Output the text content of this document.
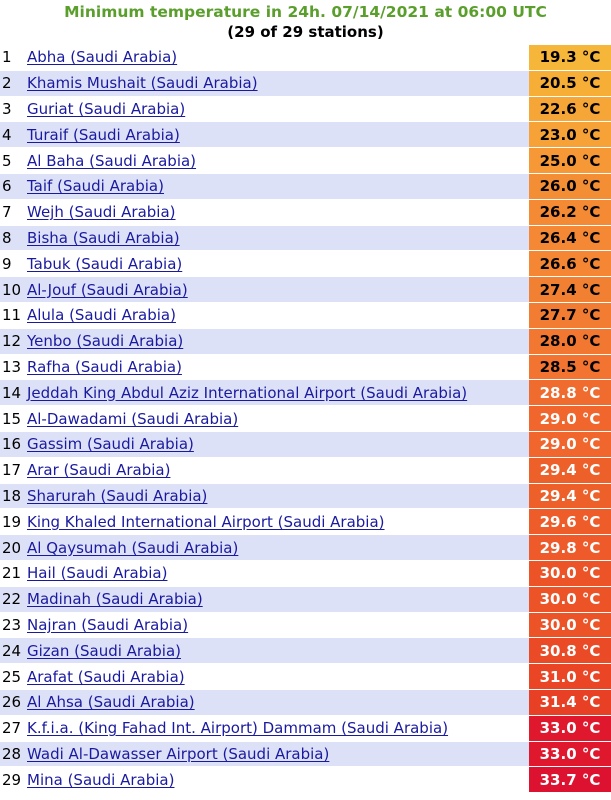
Minimum temperature in 24h. 07/14/2021 at 06:00 UTC
(29 of 29 stations)
1	Abha (Saudi Arabia)	19.3 °C
2	Khamis Mushait (Saudi Arabia)	20.5 °C
3	Guriat (Saudi Arabia)	22.6 °C
4	Turaif (Saudi Arabia)	23.0 °C
5	Al Baha (Saudi Arabia)	25.0 °C
6	Taif (Saudi Arabia)	26.0 °C
7	Wejh (Saudi Arabia)	26.2 °C
8	Bisha (Saudi Arabia)	26.4 °C
9	Tabuk (Saudi Arabia)	26.6 °C
10	Al-Jouf (Saudi Arabia)	27.4 °C
11	Alula (Saudi Arabia)	27.7 °C
12	Yenbo (Saudi Arabia)	28.0 °C
13	Rafha (Saudi Arabia)	28.5 °C
14	Jeddah King Abdul Aziz International Airport (Saudi Arabia)	28.8 °C
15	Al-Dawadami (Saudi Arabia)	29.0 °C
16	Gassim (Saudi Arabia)	29.0 °C
17	Arar (Saudi Arabia)	29.4 °C
18	Sharurah (Saudi Arabia)	29.4 °C
19	King Khaled International Airport (Saudi Arabia)	29.6 °C
20	Al Qaysumah (Saudi Arabia)	29.8 °C
21	Hail (Saudi Arabia)	30.0 °C
22	Madinah (Saudi Arabia)	30.0 °C
23	Najran (Saudi Arabia)	30.0 °C
24	Gizan (Saudi Arabia)	30.8 °C
25	Arafat (Saudi Arabia)	31.0 °C
26	Al Ahsa (Saudi Arabia)	31.4 °C
27	K.f.i.a. (King Fahad Int. Airport) Dammam (Saudi Arabia)	33.0 °C
28	Wadi Al-Dawasser Airport (Saudi Arabia)	33.0 °C
29	Mina (Saudi Arabia)	33.7 °C
